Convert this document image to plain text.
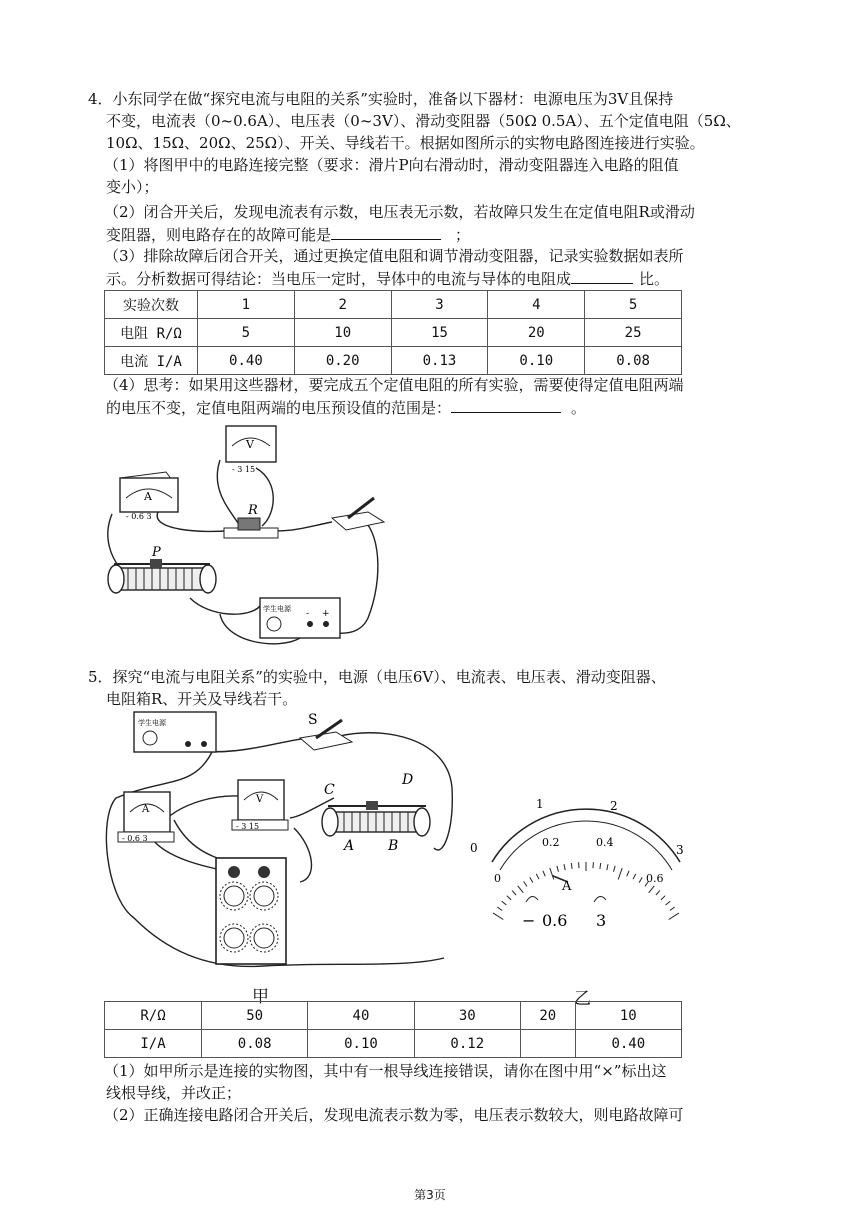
4．小东同学在做“探究电流与电阻的关系”实验时，准备以下器材：电源电压为3V且保持
不变，电流表（0~0.6A）、电压表（0~3V）、滑动变阻器（50Ω 0.5A）、五个定值电阻（5Ω、
10Ω、15Ω、20Ω、25Ω）、开关、导线若干。根据如图所示的实物电路图连接进行实验。
（1）将图甲中的电路连接完整（要求：滑片P向右滑动时，滑动变阻器连入电路的阻值
变小）；
（2）闭合开关后，发现电流表有示数，电压表无示数，若故障只发生在定值电阻R或滑动
变阻器，则电路存在的故障可能是	；
（3）排除故障后闭合开关，通过更换定值电阻和调节滑动变阻器，记录实验数据如表所
示。分析数据可得结论：当电压一定时，导体中的电流与导体的电阻成	比。
实验次数	1	2	3	4	5
电阻 R/Ω	5	10	15	20	25
电流 I/A	0.40	0.20	0.13	0.10	0.08
（4）思考：如果用这些器材，要完成五个定值电阻的所有实验，需要使得定值电阻两端
的电压不变，定值电阻两端的电压预设值的范围是：	。
A
- 0.6 3
V
- 3 15
R
P
学生电源 - +
5．探究“电流与电阻关系”的实验中，电源（电压6V）、电流表、电压表、滑动变阻器、
电阻箱R、开关及导线若干。
学生电源	S
A
- 0.6 3
V
- 3 15
C
D
A B	0
1	2
3
0
0.2	0.4
0.6
A
− 0.6 3
甲	乙
R/Ω	50	40	30	20	10
I/A	0.08	0.10	0.12		0.40
（1）如甲所示是连接的实物图，其中有一根导线连接错误，请你在图中用“×”标出这
线根导线，并改正；
（2）正确连接电路闭合开关后，发现电流表示数为零，电压表示数较大，则电路故障可
第3页
